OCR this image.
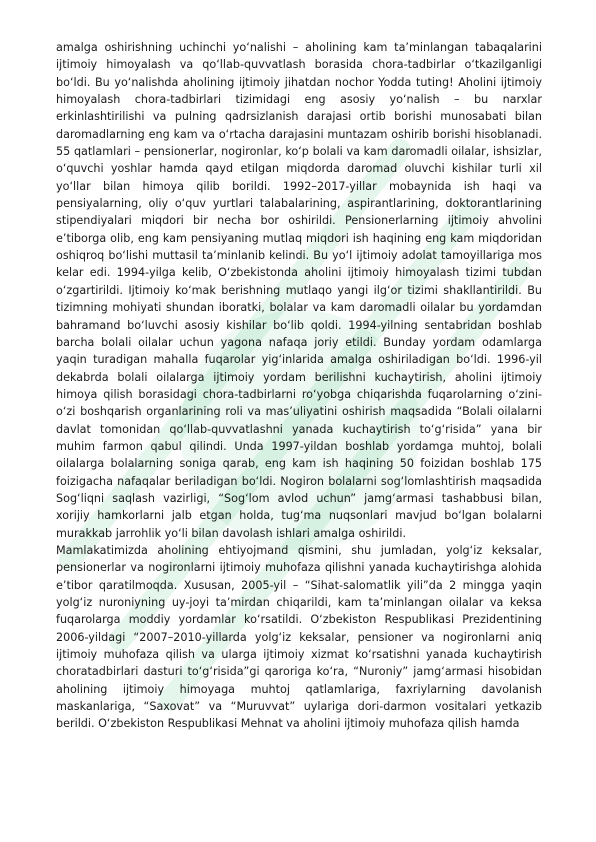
amalga oshirishning uchinchi yo‘nalishi – aholining kam ta’minlangan tabaqalarini ijtimoiy himoyalash va qo‘llab-quvvatlash borasida chora-tadbirlar o‘tkazilganligi bo‘ldi. Bu yo‘nalishda aholining ijtimoiy jihatdan nochor Yodda tuting! Aholini ijtimoiy himoyalash chora-tadbirlari tizimidagi eng asosiy yo‘nalish – bu narxlar erkinlashtirilishi va pulning qadrsizlanish darajasi ortib borishi munosabati bilan daromadlarning eng kam va o‘rtacha darajasini muntazam oshirib borishi hisoblanadi. 55 qatlamlari – pensionerlar, nogironlar, ko‘p bolali va kam daromadli oilalar, ishsizlar, o‘quvchi yoshlar hamda qayd etilgan miqdorda daromad oluvchi kishilar turli xil yo‘llar bilan himoya qilib borildi. 1992–2017-yillar mobaynida ish haqi va pensiyalarning, oliy o‘quv yurtlari talabalarining, aspirantlarining, doktorantlarining stipendiyalari miqdori bir necha bor oshirildi. Pensionerlarning ijtimoiy ahvolini e’tiborga olib, eng kam pensiyaning mutlaq miqdori ish haqining eng kam miqdoridan oshiqroq bo‘lishi muttasil ta’minlanib kelindi. Bu yo‘l ijtimoiy adolat tamoyillariga mos kelar edi. 1994-yilga kelib, O‘zbekistonda aholini ijtimoiy himoyalash tizimi tubdan o‘zgartirildi. Ijtimoiy ko‘mak berishning mutlaqo yangi ilg‘or tizimi shakllantirildi. Bu tizimning mohiyati shundan iboratki, bolalar va kam daromadli oilalar bu yordamdan bahramand bo‘luvchi asosiy kishilar bo‘lib qoldi. 1994-yilning sentabridan boshlab barcha bolali oilalar uchun yagona nafaqa joriy etildi. Bunday yordam odamlarga yaqin turadigan mahalla fuqarolar yig‘inlarida amalga oshiriladigan bo‘ldi. 1996-yil dekabrda bolali oilalarga ijtimoiy yordam berilishni kuchaytirish, aholini ijtimoiy himoya qilish borasidagi chora-tadbirlarni ro‘yobga chiqarishda fuqarolarning o‘zini-o‘zi boshqarish organlarining roli va mas’uliyatini oshirish maqsadida “Bolali oilalarni davlat tomonidan qo‘llab-quvvatlashni yanada kuchaytirish to‘g‘risida” yana bir muhim farmon qabul qilindi. Unda 1997-yildan boshlab yordamga muhtoj, bolali oilalarga bolalarning soniga qarab, eng kam ish haqining 50 foizidan boshlab 175 foizigacha nafaqalar beriladigan bo‘ldi. Nogiron bolalarni sog‘lomlashtirish maqsadida Sog‘liqni saqlash vazirligi, “Sog‘lom avlod uchun” jamg‘armasi tashabbusi bilan, xorijiy hamkorlarni jalb etgan holda, tug‘ma nuqsonlari mavjud bo‘lgan bolalarni murakkab jarrohlik yo‘li bilan davolash ishlari amalga oshirildi.

Mamlakatimizda aholining ehtiyojmand qismini, shu jumladan, yolg‘iz keksalar, pensionerlar va nogironlarni ijtimoiy muhofaza qilishni yanada kuchaytirishga alohida e’tibor qaratilmoqda. Xususan, 2005-yil – “Sihat-salomatlik yili”da 2 mingga yaqin yolg‘iz nuroniyning uy-joyi ta’mirdan chiqarildi, kam ta’minlangan oilalar va keksa fuqarolarga moddiy yordamlar ko‘rsatildi. O‘zbekiston Respublikasi Prezidentining 2006-yildagi “2007–2010-yillarda yolg‘iz keksalar, pensioner va nogironlarni aniq ijtimoiy muhofaza qilish va ularga ijtimoiy xizmat ko‘rsatishni yanada kuchaytirish choratadbirlari dasturi to‘g‘risida”gi qaroriga ko‘ra, “Nuroniy” jamg‘armasi hisobidan aholining ijtimoiy himoyaga muhtoj qatlamlariga, faxriylarning davolanish maskanlariga, “Saxovat” va “Muruvvat” uylariga dori-darmon vositalari yetkazib berildi. O‘zbekiston Respublikasi Mehnat va aholini ijtimoiy muhofaza qilish hamda
